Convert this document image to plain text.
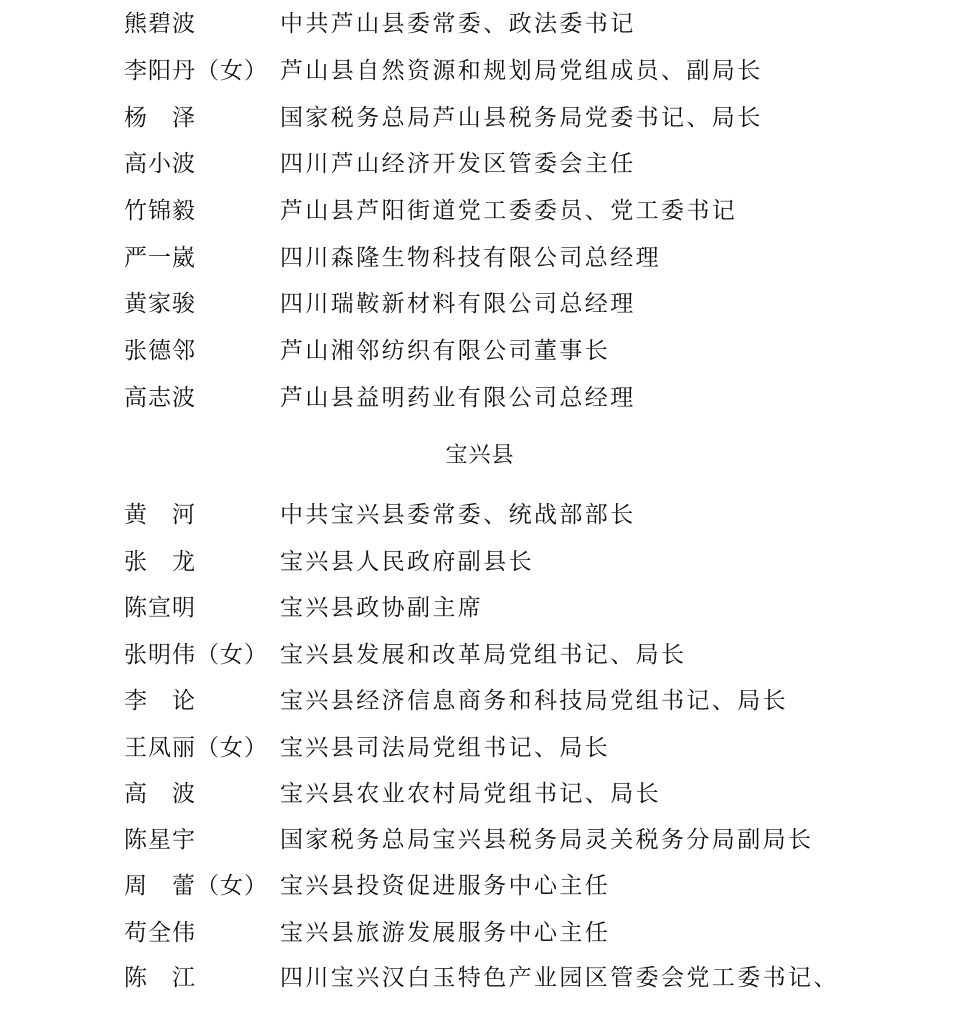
熊碧波	中共芦山县委常委、政法委书记
李阳丹（女） 芦山县自然资源和规划局党组成员、副局长
杨　泽	国家税务总局芦山县税务局党委书记、局长
高小波	四川芦山经济开发区管委会主任
竹锦毅	芦山县芦阳街道党工委委员、党工委书记
严一崴	四川森隆生物科技有限公司总经理
黄家骏	四川瑞鞍新材料有限公司总经理
张德邻	芦山湘邻纺织有限公司董事长
高志波	芦山县益明药业有限公司总经理
宝兴县
黄　河	中共宝兴县委常委、统战部部长
张　龙	宝兴县人民政府副县长
陈宣明	宝兴县政协副主席
张明伟（女） 宝兴县发展和改革局党组书记、局长
李　论	宝兴县经济信息商务和科技局党组书记、局长
王凤丽（女） 宝兴县司法局党组书记、局长
高　波	宝兴县农业农村局党组书记、局长
陈星宇	国家税务总局宝兴县税务局灵关税务分局副局长
周　蕾（女） 宝兴县投资促进服务中心主任
苟全伟	宝兴县旅游发展服务中心主任
陈　江	四川宝兴汉白玉特色产业园区管委会党工委书记、
